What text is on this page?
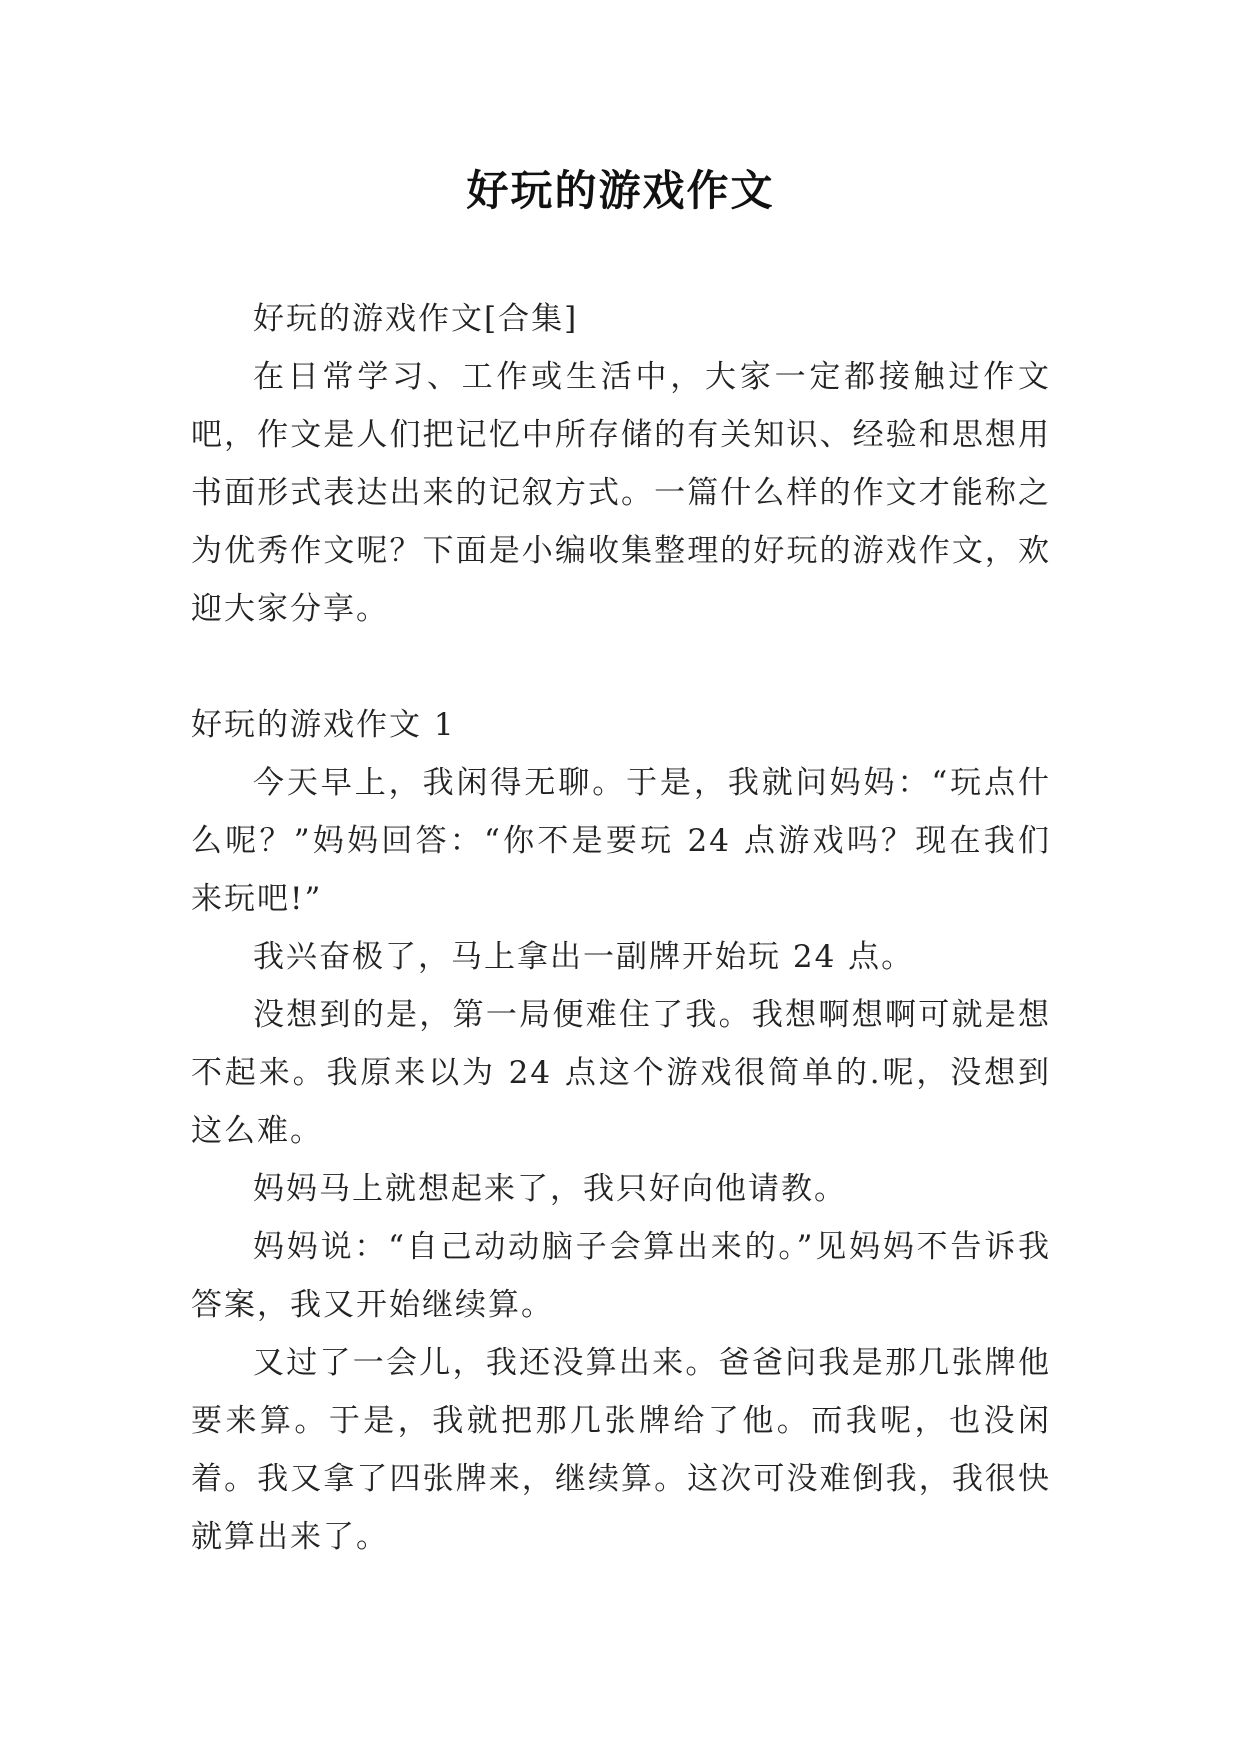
好玩的游戏作文

好玩的游戏作文[合集]

在日常学习、工作或生活中，大家一定都接触过作文吧，作文是人们把记忆中所存储的有关知识、经验和思想用书面形式表达出来的记叙方式。一篇什么样的作文才能称之为优秀作文呢？下面是小编收集整理的好玩的游戏作文，欢迎大家分享。

好玩的游戏作文 1

今天早上，我闲得无聊。于是，我就问妈妈：“玩点什么呢？”妈妈回答：“你不是要玩 24 点游戏吗？现在我们来玩吧!”

我兴奋极了，马上拿出一副牌开始玩 24 点。

没想到的是，第一局便难住了我。我想啊想啊可就是想不起来。我原来以为 24 点这个游戏很简单的.呢，没想到这么难。

妈妈马上就想起来了，我只好向他请教。

妈妈说：“自己动动脑子会算出来的。”见妈妈不告诉我答案，我又开始继续算。

又过了一会儿，我还没算出来。爸爸问我是那几张牌他要来算。于是，我就把那几张牌给了他。而我呢，也没闲着。我又拿了四张牌来，继续算。这次可没难倒我，我很快就算出来了。
